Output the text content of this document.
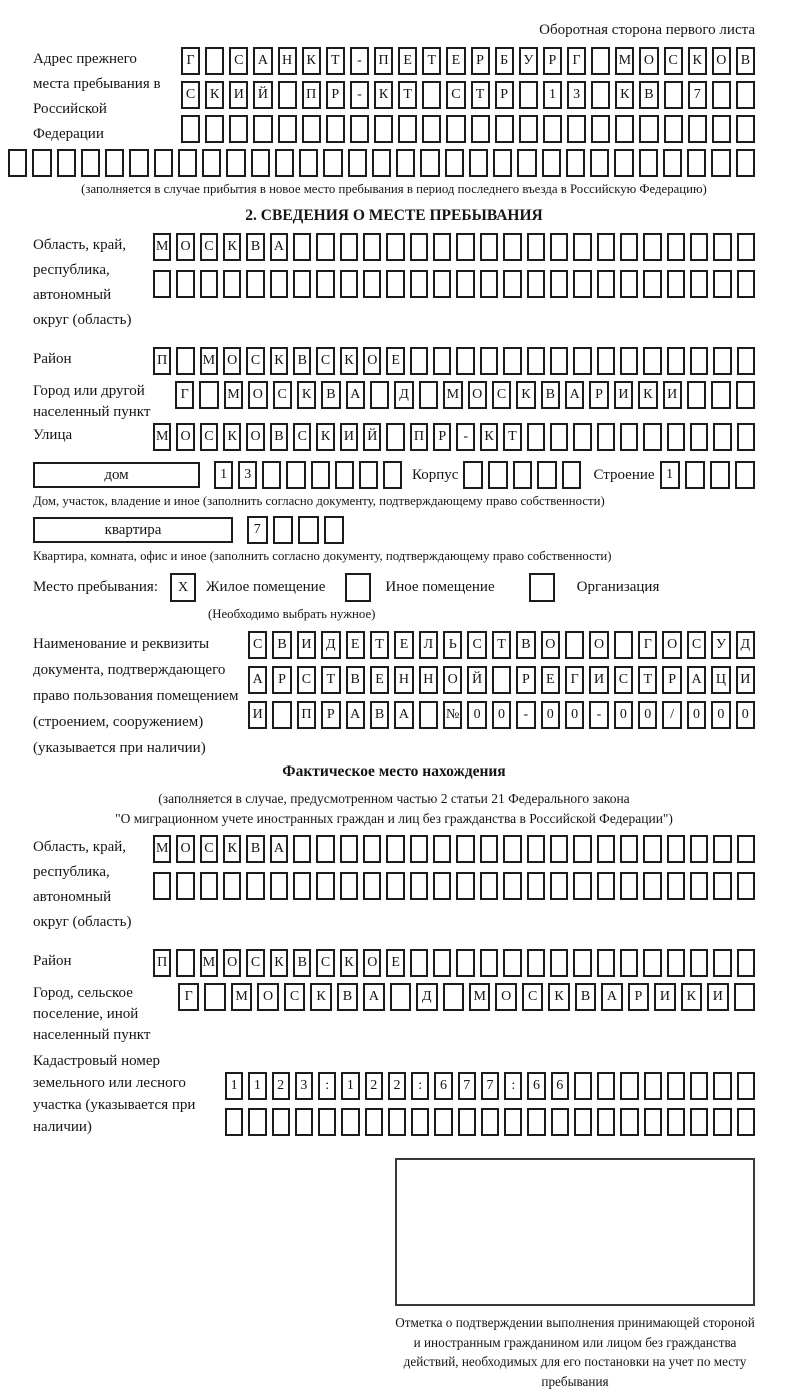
Оборотная сторона первого листа
Адрес прежнего места пребывания в Российской Федерации
Г	С	А	Н	К	Т	-	П	Е	Т	Е	Р	Б	У	Р	Г	М О	С	К	О	В
С	К	И	Й	П	Р	-	К	Т	С	Т	Р	1	3	К	В	7
(заполняется в случае прибытия в новое место пребывания в период последнего въезда в Российскую Федерацию)
2. СВЕДЕНИЯ О МЕСТЕ ПРЕБЫВАНИЯ
Область, край, республика, автономный округ (область)
М О С	К	В А
Район	П	М О С	К	В	С	К О	Е
Город или другой населенный пункт
Г	М О	С	К	В	А	Д	М О	С	К	В	А	Р	И	К	И
Улица	М О С	К О В	С	К И Й	П	Р	-	К	Т
дом	1	3	Корпус	Строение 1
Дом, участок, владение и иное (заполнить согласно документу, подтверждающему право собственности)
квартира	7
Квартира, комната, офис и иное (заполнить согласно документу, подтверждающему право собственности)
Место пребывания:	X	Жилое помещение	Иное помещение	Организация
(Необходимо выбрать нужное)
Наименование и реквизиты документа, подтверждающего право пользования помещением (строением, сооружением) (указывается при наличии)
С	В	И	Д	Е	Т	Е	Л	Ь	С	Т	В	О	О	Г	О	С	У	Д
А	Р	С	Т	В	Е	Н	Н	О	Й	Р	Е	Г	И	С	Т	Р	А	Ц	И
И	П	Р	А	В	А	№	0	0	-	0	0	-	0	0	/	0	0	0
Фактическое место нахождения
(заполняется в случае, предусмотренном частью 2 статьи 21 Федерального закона
"О миграционном учете иностранных граждан и лиц без гражданства в Российской Федерации")
Область, край, республика, автономный округ (область)
М О С	К	В А
Район	П	М О С	К	В	С	К О	Е
Город, сельское поселение, иной населенный пункт
Г	М	О	С	К	В	А	Д	М	О	С	К	В	А	Р	И	К	И
Кадастровый номер земельного или лесного участка (указывается при наличии)
1	1	2	3	:	1	2	2	:	6	7	7	:	6	6
Отметка о подтверждении выполнения принимающей стороной и иностранным гражданином или лицом без гражданства действий, необходимых для его постановки на учет по месту пребывания
